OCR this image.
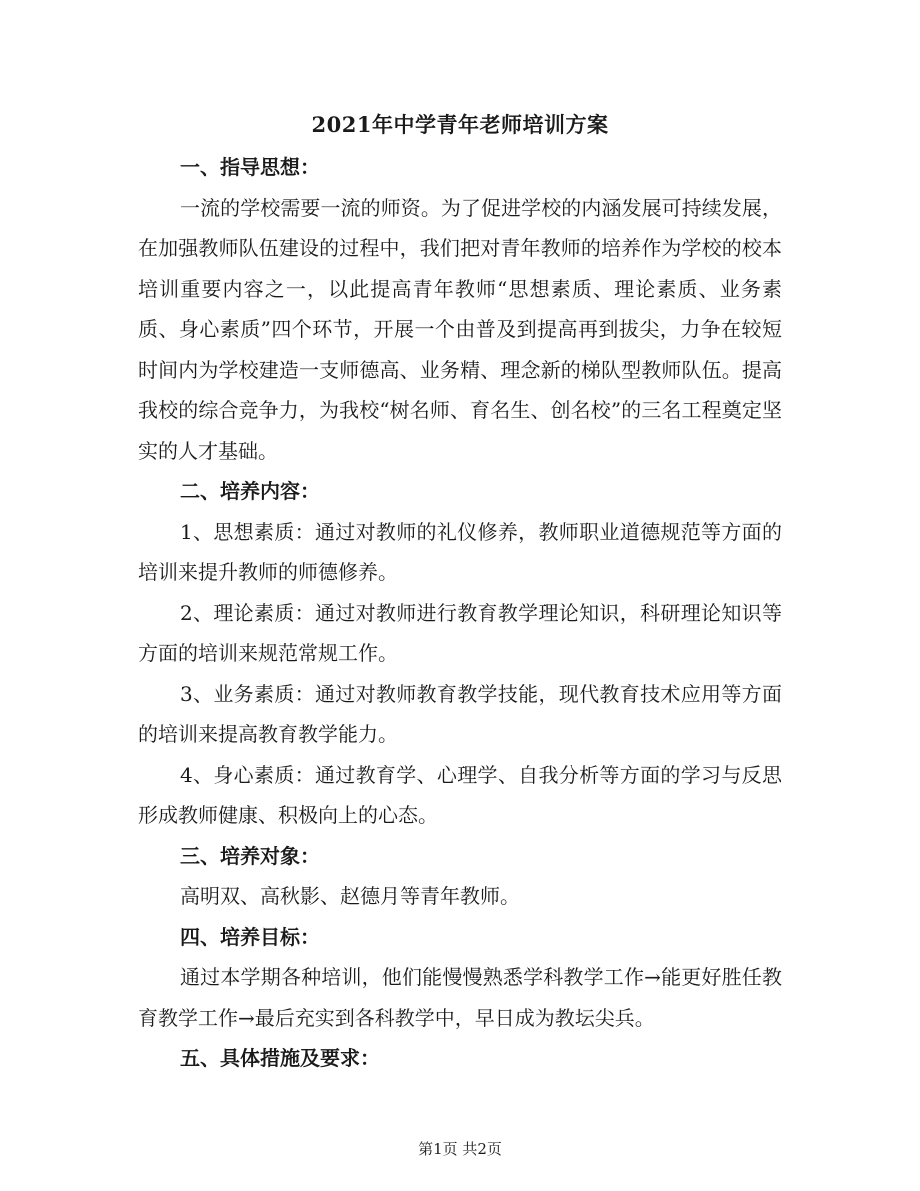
2021年中学青年老师培训方案

一、指导思想：

一流的学校需要一流的师资。为了促进学校的内涵发展可持续发展，在加强教师队伍建设的过程中，我们把对青年教师的培养作为学校的校本培训重要内容之一，以此提高青年教师“思想素质、理论素质、业务素质、身心素质”四个环节，开展一个由普及到提高再到拔尖，力争在较短时间内为学校建造一支师德高、业务精、理念新的梯队型教师队伍。提高我校的综合竞争力，为我校“树名师、育名生、创名校”的三名工程奠定坚实的人才基础。

二、培养内容：

1、思想素质：通过对教师的礼仪修养，教师职业道德规范等方面的培训来提升教师的师德修养。

2、理论素质：通过对教师进行教育教学理论知识，科研理论知识等方面的培训来规范常规工作。

3、业务素质：通过对教师教育教学技能，现代教育技术应用等方面的培训来提高教育教学能力。

4、身心素质：通过教育学、心理学、自我分析等方面的学习与反思形成教师健康、积极向上的心态。

三、培养对象：

高明双、高秋影、赵德月等青年教师。

四、培养目标：

通过本学期各种培训，他们能慢慢熟悉学科教学工作→能更好胜任教育教学工作→最后充实到各科教学中，早日成为教坛尖兵。

五、具体措施及要求：

第1页 共2页
